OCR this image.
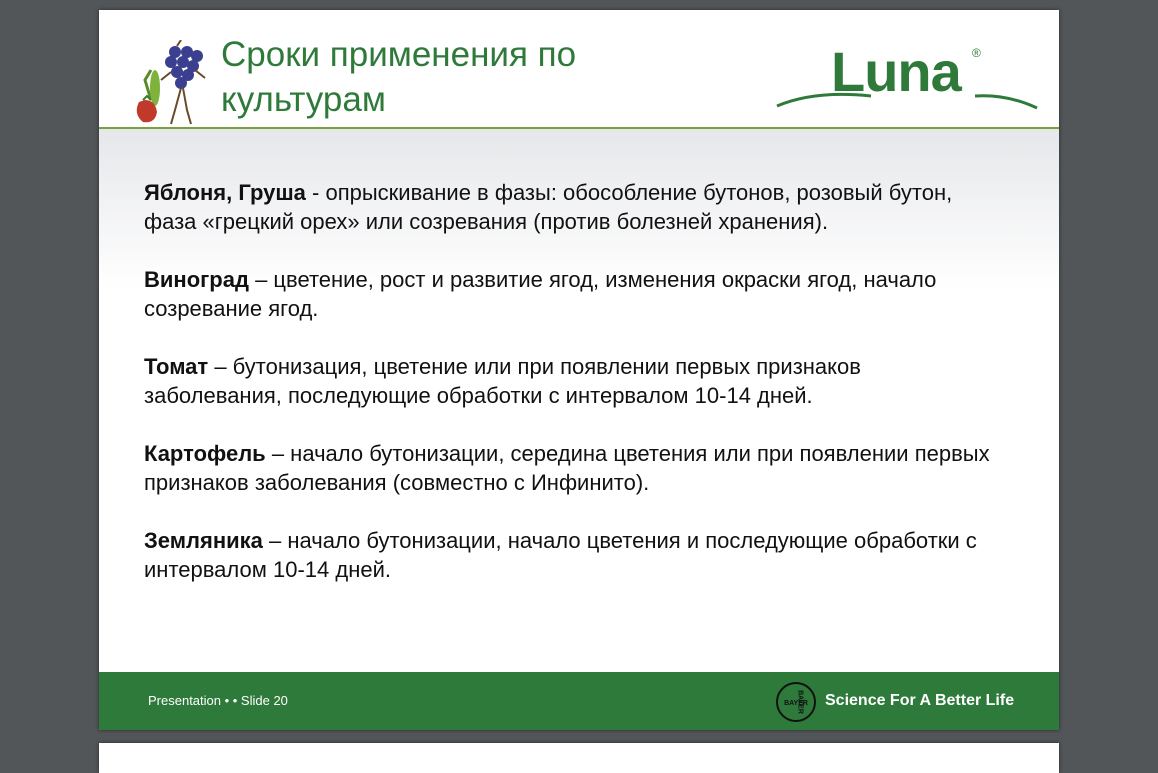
Сроки применения по культурам	Luna ®

Яблоня, Груша - опрыскивание в фазы: обособление бутонов, розовый бутон, фаза «грецкий орех» или созревания (против болезней хранения).

Виноград – цветение, рост и развитие ягод, изменения окраски ягод, начало созревание ягод.

Томат – бутонизация, цветение или при появлении первых признаков заболевания, последующие обработки с интервалом 10-14 дней.

Картофель – начало бутонизации, середина цветения или при появлении первых признаков заболевания (совместно с Инфинито).

Земляника – начало бутонизации, начало цветения и последующие обработки с интервалом 10-14 дней.

Presentation • • Slide 20	BAYER
BAYER Science For A Better Life
